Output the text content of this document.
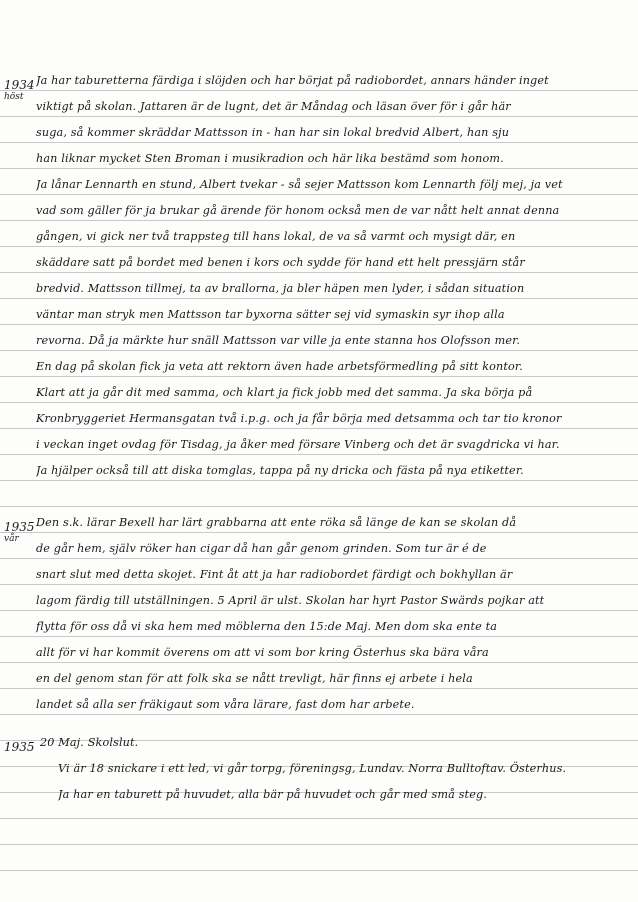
1934
höst
1935
vår
1935
Ja har taburetterna färdiga i slöjden och har börjat på radiobordet, annars händer inget
viktigt på skolan. Jattaren är de lugnt, det är Måndag och läsan över för i går här
suga, så kommer skräddar Mattsson in - han har sin lokal bredvid Albert, han sju
han liknar mycket Sten Broman i musikradion och här lika bestämd som honom.
Ja lånar Lennarth en stund, Albert tvekar - så sejer Mattsson kom Lennarth följ mej, ja vet
vad som gäller för ja brukar gå ärende för honom också men de var nått helt annat denna
gången, vi gick ner två trappsteg till hans lokal, de va så varmt och mysigt där, en
skäddare satt på bordet med benen i kors och sydde för hand ett helt pressjärn står
bredvid. Mattsson tillmej, ta av brallorna, ja bler häpen men lyder, i sådan situation
väntar man stryk men Mattsson tar byxorna sätter sej vid symaskin syr ihop alla
revorna. Då ja märkte hur snäll Mattsson var ville ja ente stanna hos Olofsson mer.
En dag på skolan fick ja veta att rektorn även hade arbetsförmedling på sitt kontor.
Klart att ja går dit med samma, och klart ja fick jobb med det samma. Ja ska börja på
Kronbryggeriet Hermansgatan två i.p.g. och ja får börja med detsamma och tar tio kronor
i veckan inget ovdag för Tisdag, ja åker med försare Vinberg och det är svagdricka vi har.
Ja hjälper också till att diska tomglas, tappa på ny dricka och fästa på nya etiketter.
Den s.k. lärar Bexell har lärt grabbarna att ente röka så länge de kan se skolan då
de går hem, själv röker han cigar då han går genom grinden. Som tur är é de
snart slut med detta skojet. Fint åt att ja har radiobordet färdigt och bokhyllan är
lagom färdig till utställningen. 5 April är ulst. Skolan har hyrt Pastor Swärds pojkar att
flytta för oss då vi ska hem med möblerna den 15:de Maj. Men dom ska ente ta
allt för vi har kommit överens om att vi som bor kring Österhus ska bära våra
en del genom stan för att folk ska se nått trevligt, här finns ej arbete i hela
landet så alla ser fräkigaut som våra lärare, fast dom har arbete.
20 Maj. Skolslut.
Vi är 18 snickare i ett led, vi går torpg, föreningsg, Lundav. Norra Bulltoftav. Österhus.
Ja har en taburett på huvudet, alla bär på huvudet och går med små steg.
